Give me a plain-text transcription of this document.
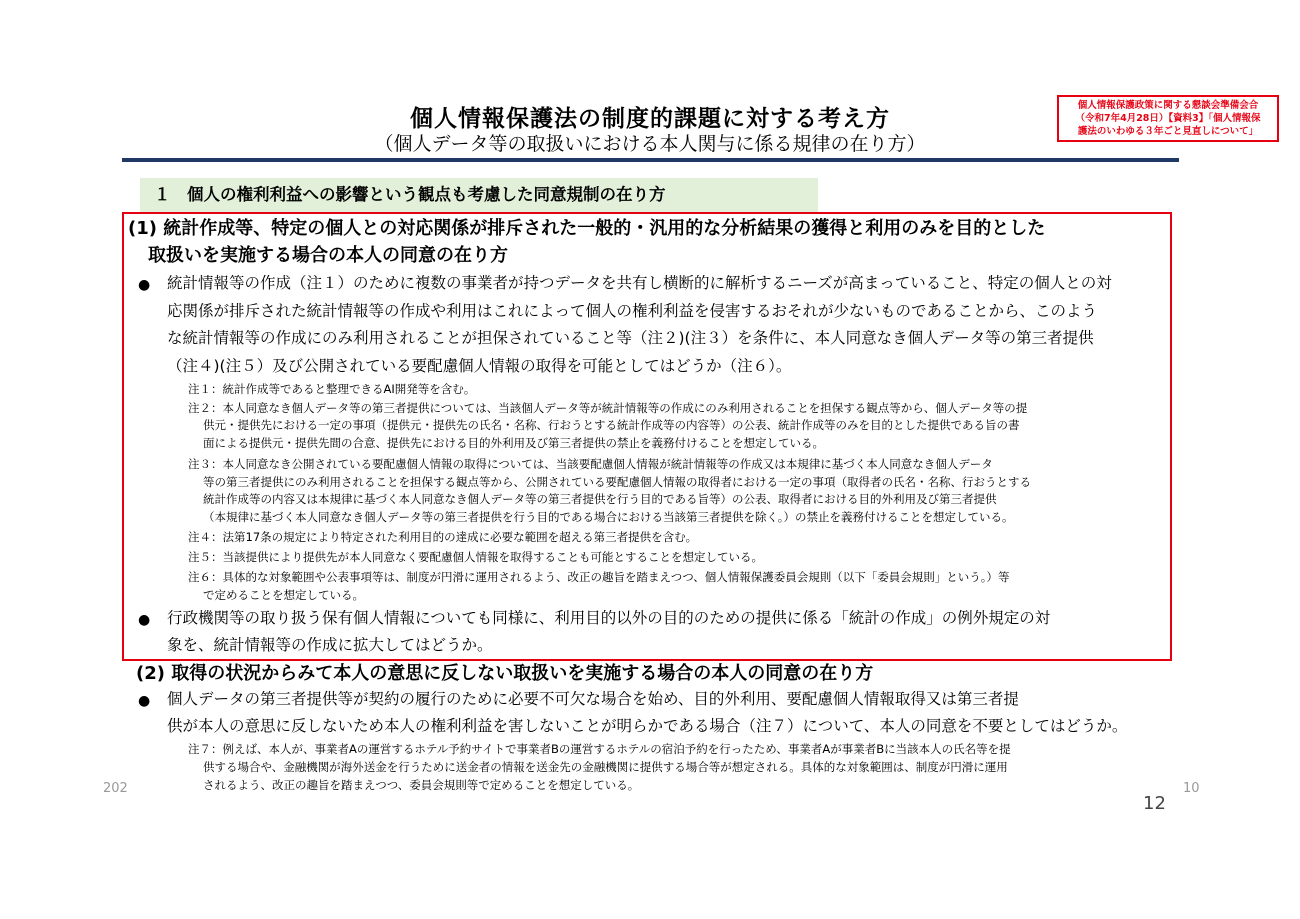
個人情報保護法の制度的課題に対する考え方
（個人データ等の取扱いにおける本人関与に係る規律の在り方）
個人情報保護政策に関する懇談会準備会合
（令和7年4月28日）【資料3】「個人情報保
護法のいわゆる３年ごと見直しについて」
１　個人の権利利益への影響という観点も考慮した同意規制の在り方
(1) 統計作成等、特定の個人との対応関係が排斥された一般的・汎用的な分析結果の獲得と利用のみを目的とした
取扱いを実施する場合の本人の同意の在り方
● 統計情報等の作成（注１）のために複数の事業者が持つデータを共有し横断的に解析するニーズが高まっていること、特定の個人との対
応関係が排斥された統計情報等の作成や利用はこれによって個人の権利利益を侵害するおそれが少ないものであることから、このよう
な統計情報等の作成にのみ利用されることが担保されていること等（注２)(注３）を条件に、本人同意なき個人データ等の第三者提供
（注４)(注５）及び公開されている要配慮個人情報の取得を可能としてはどうか（注６）。
注１：統計作成等であると整理できるAI開発等を含む。
注２：本人同意なき個人データ等の第三者提供については、当該個人データ等が統計情報等の作成にのみ利用されることを担保する観点等から、個人データ等の提
供元・提供先における一定の事項（提供元・提供先の氏名・名称、行おうとする統計作成等の内容等）の公表、統計作成等のみを目的とした提供である旨の書
面による提供元・提供先間の合意、提供先における目的外利用及び第三者提供の禁止を義務付けることを想定している。
注３：本人同意なき公開されている要配慮個人情報の取得については、当該要配慮個人情報が統計情報等の作成又は本規律に基づく本人同意なき個人データ
等の第三者提供にのみ利用されることを担保する観点等から、公開されている要配慮個人情報の取得者における一定の事項（取得者の氏名・名称、行おうとする
統計作成等の内容又は本規律に基づく本人同意なき個人データ等の第三者提供を行う目的である旨等）の公表、取得者における目的外利用及び第三者提供
（本規律に基づく本人同意なき個人データ等の第三者提供を行う目的である場合における当該第三者提供を除く。）の禁止を義務付けることを想定している。
注４：法第17条の規定により特定された利用目的の達成に必要な範囲を超える第三者提供を含む。
注５：当該提供により提供先が本人同意なく要配慮個人情報を取得することも可能とすることを想定している。
注６：具体的な対象範囲や公表事項等は、制度が円滑に運用されるよう、改正の趣旨を踏まえつつ、個人情報保護委員会規則（以下「委員会規則」という。）等
で定めることを想定している。
● 行政機関等の取り扱う保有個人情報についても同様に、利用目的以外の目的のための提供に係る「統計の作成」の例外規定の対
象を、統計情報等の作成に拡大してはどうか。
(2) 取得の状況からみて本人の意思に反しない取扱いを実施する場合の本人の同意の在り方
● 個人データの第三者提供等が契約の履行のために必要不可欠な場合を始め、目的外利用、要配慮個人情報取得又は第三者提
供が本人の意思に反しないため本人の権利利益を害しないことが明らかである場合（注７）について、本人の同意を不要としてはどうか。
注７：例えば、本人が、事業者Aの運営するホテル予約サイトで事業者Bの運営するホテルの宿泊予約を行ったため、事業者Aが事業者Bに当該本人の氏名等を提
供する場合や、金融機関が海外送金を行うために送金者の情報を送金先の金融機関に提供する場合等が想定される。具体的な対象範囲は、制度が円滑に運用
されるよう、改正の趣旨を踏まえつつ、委員会規則等で定めることを想定している。
202	10
12
